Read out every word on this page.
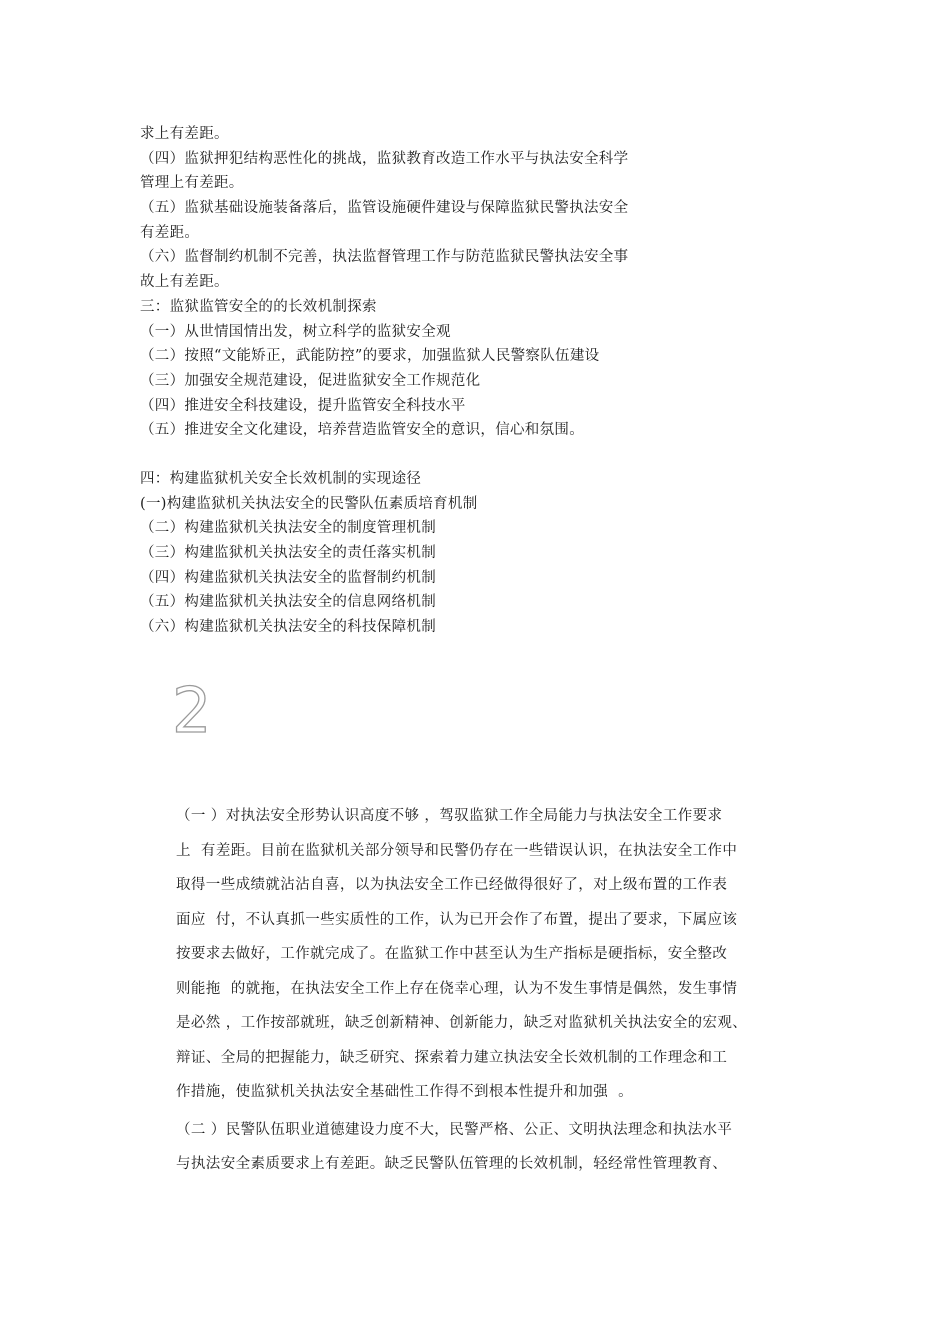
求上有差距。
（四）监狱押犯结构恶性化的挑战，监狱教育改造工作水平与执法安全科学
管理上有差距。
（五）监狱基础设施装备落后，监管设施硬件建设与保障监狱民警执法安全
有差距。
（六）监督制约机制不完善，执法监督管理工作与防范监狱民警执法安全事
故上有差距。
三：监狱监管安全的的长效机制探索
（一）从世情国情出发，树立科学的监狱安全观
（二）按照“文能矫正，武能防控”的要求，加强监狱人民警察队伍建设
（三）加强安全规范建设，促进监狱安全工作规范化
（四）推进安全科技建设，提升监管安全科技水平
（五）推进安全文化建设，培养营造监管安全的意识，信心和氛围。
四：构建监狱机关安全长效机制的实现途径
(一)构建监狱机关执法安全的民警队伍素质培育机制
（二）构建监狱机关执法安全的制度管理机制
（三）构建监狱机关执法安全的责任落实机制
（四）构建监狱机关执法安全的监督制约机制
（五）构建监狱机关执法安全的信息网络机制
（六）构建监狱机关执法安全的科技保障机制
2
（一 ）对执法安全形势认识高度不够 ，驾驭监狱工作全局能力与执法安全工作要求
上  有差距。目前在监狱机关部分领导和民警仍存在一些错误认识，在执法安全工作中
取得一些成绩就沾沾自喜，以为执法安全工作已经做得很好了，对上级布置的工作表
面应  付，不认真抓一些实质性的工作，认为已开会作了布置，提出了要求，下属应该
按要求去做好，工作就完成了。在监狱工作中甚至认为生产指标是硬指标，安全整改
则能拖  的就拖，在执法安全工作上存在侥幸心理，认为不发生事情是偶然，发生事情
是必然 ，工作按部就班，缺乏创新精神、创新能力，缺乏对监狱机关执法安全的宏观、
辩证、全局的把握能力，缺乏研究、探索着力建立执法安全长效机制的工作理念和工
作措施，使监狱机关执法安全基础性工作得不到根本性提升和加强  。
（二 ）民警队伍职业道德建设力度不大，民警严格、公正、文明执法理念和执法水平
与执法安全素质要求上有差距。缺乏民警队伍管理的长效机制，轻经常性管理教育、
